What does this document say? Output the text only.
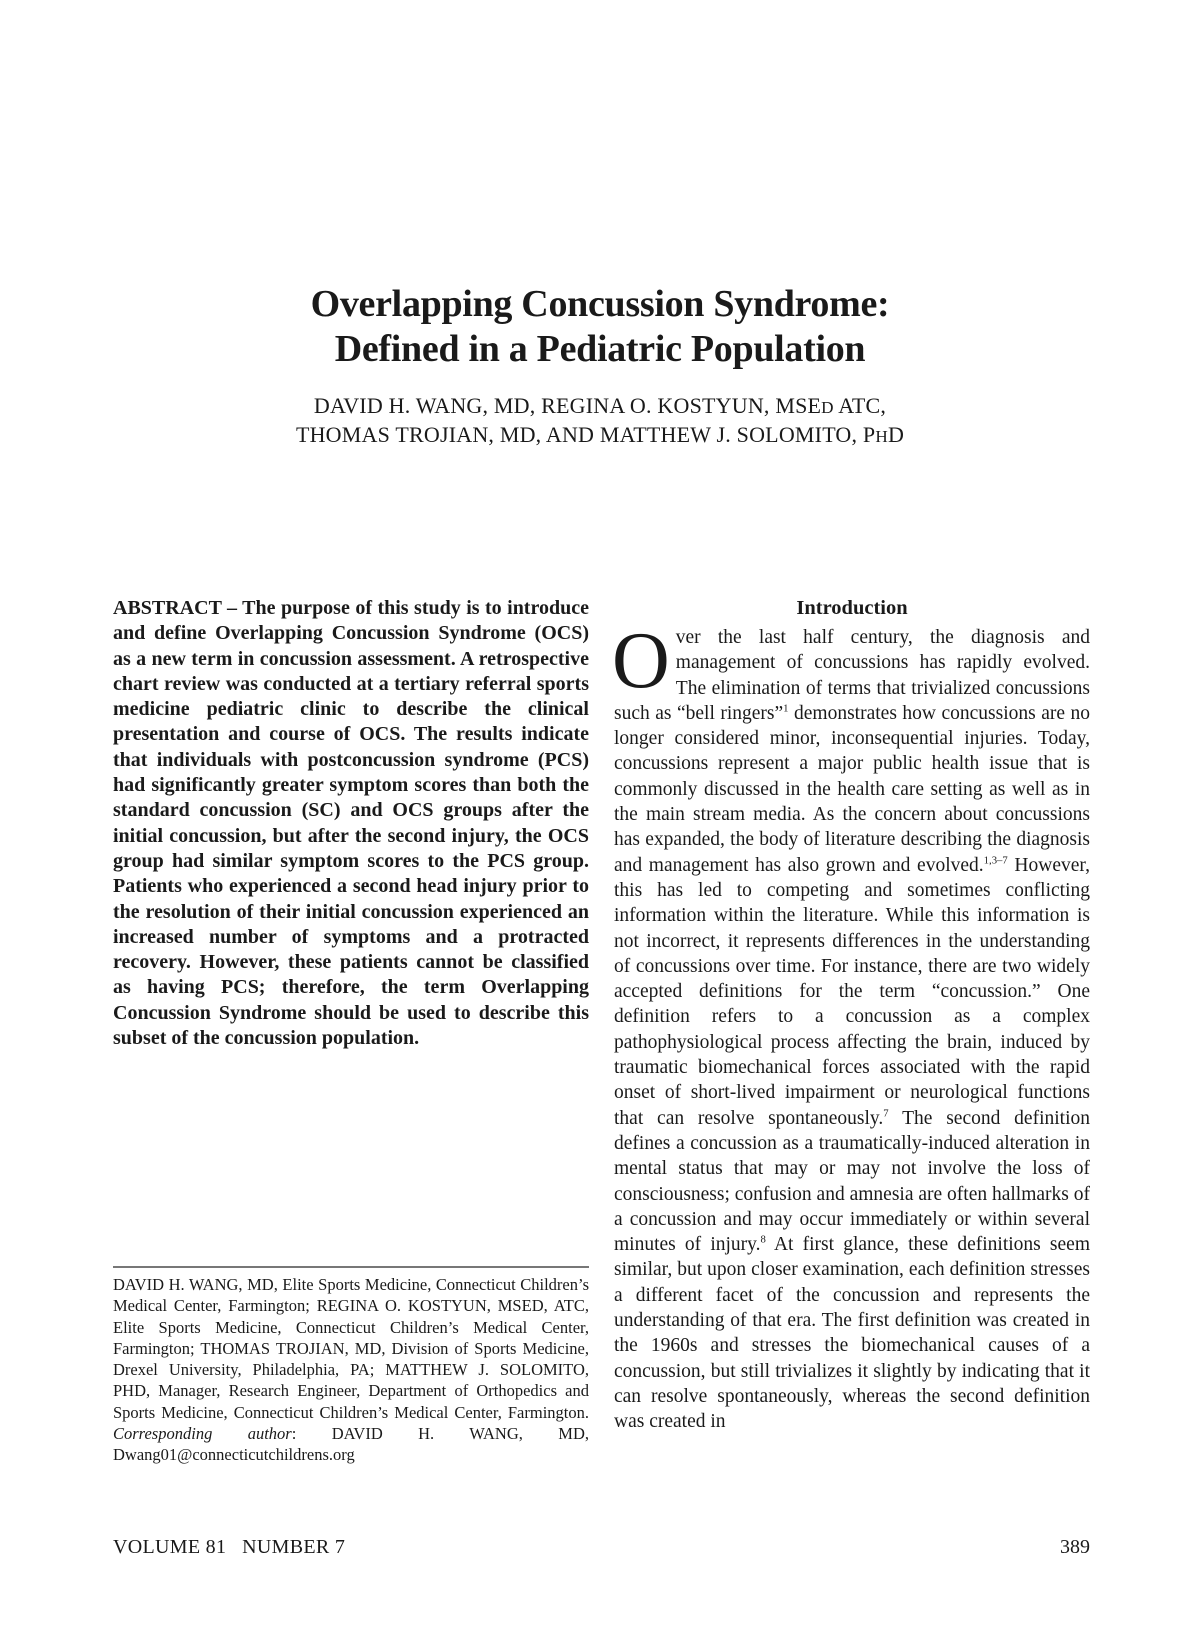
Overlapping Concussion Syndrome:
Defined in a Pediatric Population
DAVID H. WANG, MD, REGINA O. KOSTYUN, MSED ATC,
THOMAS TROJIAN, MD, AND MATTHEW J. SOLOMITO, PHD
ABSTRACT – The purpose of this study is to introduce and define Overlapping Concussion Syndrome (OCS) as a new term in concussion assessment. A retrospective chart review was conducted at a tertiary referral sports medicine pediatric clinic to describe the clinical presentation and course of OCS. The results indicate that individuals with postconcussion syndrome (PCS) had significantly greater symptom scores than both the standard concussion (SC) and OCS groups after the initial concussion, but after the second injury, the OCS group had similar symptom scores to the PCS group. Patients who experienced a second head injury prior to the resolution of their initial concussion experienced an increased number of symptoms and a protracted recovery. However, these patients cannot be classified as having PCS; therefore, the term Overlapping Concussion Syndrome should be used to describe this subset of the concussion population.
DAVID H. WANG, MD, Elite Sports Medicine, Connecticut Children’s Medical Center, Farmington; REGINA O. KOSTYUN, MSED, ATC, Elite Sports Medicine, Connecticut Children’s Medical Center, Farmington; THOMAS TROJIAN, MD, Division of Sports Medicine, Drexel University, Philadelphia, PA; MATTHEW J. SOLOMITO, PHD, Manager, Research Engineer, Department of Orthopedics and Sports Medicine, Connecticut Children’s Medical Center, Farmington. Corresponding author: DAVID H. WANG, MD, Dwang01@connecticutchildrens.org
Introduction
Over the last half century, the diagnosis and management of concussions has rapidly evolved. The elimination of terms that trivialized concussions such as “bell ringers”$^1$ demonstrates how concussions are no longer considered minor, inconsequential injuries. Today, concussions represent a major public health issue that is commonly discussed in the health care setting as well as in the main stream media. As the concern about concussions has expanded, the body of literature describing the diagnosis and management has also grown and evolved.$^{1,3-7}$ However, this has led to competing and sometimes conflicting information within the literature. While this information is not incorrect, it represents differences in the understanding of concussions over time. For instance, there are two widely accepted definitions for the term “concussion.” One definition refers to a concussion as a complex pathophysiological process affecting the brain, induced by traumatic biomechanical forces associated with the rapid onset of short-lived impairment or neurological functions that can resolve spontaneously.$^7$ The second definition defines a concussion as a traumatically-induced alteration in mental status that may or may not involve the loss of consciousness; confusion and amnesia are often hallmarks of a concussion and may occur immediately or within several minutes of injury.$^8$ At first glance, these definitions seem similar, but upon closer examination, each definition stresses a different facet of the concussion and represents the understanding of that era. The first definition was created in the 1960s and stresses the biomechanical causes of a concussion, but still trivializes it slightly by indicating that it can resolve spontaneously, whereas the second definition was created in
VOLUME 81   NUMBER 7	389
